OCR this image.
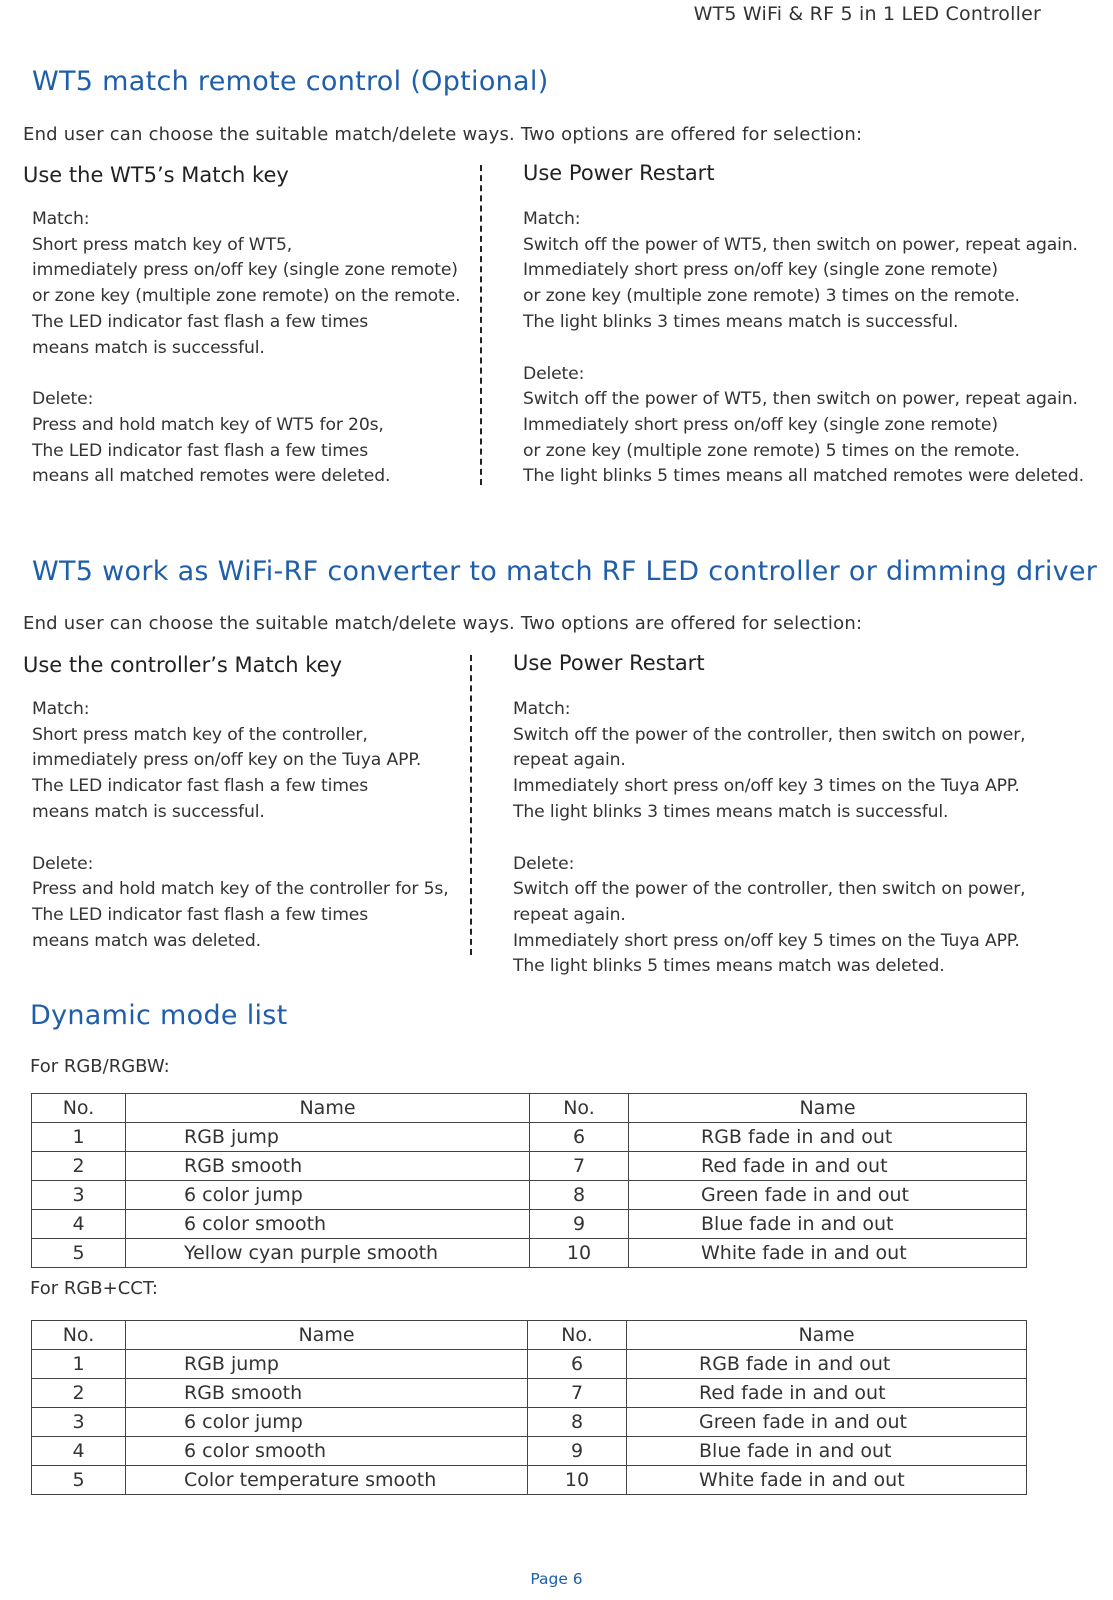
WT5 WiFi & RF 5 in 1 LED Controller
WT5 match remote control (Optional)
End user can choose the suitable match/delete ways. Two options are offered for selection:
Use the WT5’s Match key
Match:
Short press match key of WT5,
immediately press on/off key (single zone remote)
or zone key (multiple zone remote) on the remote.
The LED indicator fast flash a few times
means match is successful.
Delete:
Press and hold match key of WT5 for 20s,
The LED indicator fast flash a few times
means all matched remotes were deleted.
Use Power Restart
Match:
Switch off the power of WT5, then switch on power, repeat again.
Immediately short press on/off key (single zone remote)
or zone key (multiple zone remote) 3 times on the remote.
The light blinks 3 times means match is successful.
Delete:
Switch off the power of WT5, then switch on power, repeat again.
Immediately short press on/off key (single zone remote)
or zone key (multiple zone remote) 5 times on the remote.
The light blinks 5 times means all matched remotes were deleted.
WT5 work as WiFi-RF converter to match RF LED controller or dimming driver
End user can choose the suitable match/delete ways. Two options are offered for selection:
Use the controller’s Match key
Match:
Short press match key of the controller,
immediately press on/off key on the Tuya APP.
The LED indicator fast flash a few times
means match is successful.
Delete:
Press and hold match key of the controller for 5s,
The LED indicator fast flash a few times
means match was deleted.
Use Power Restart
Match:
Switch off the power of the controller, then switch on power,
repeat again.
Immediately short press on/off key 3 times on the Tuya APP.
The light blinks 3 times means match is successful.
Delete:
Switch off the power of the controller, then switch on power,
repeat again.
Immediately short press on/off key 5 times on the Tuya APP.
The light blinks 5 times means match was deleted.
Dynamic mode list
For RGB/RGBW:
No.	Name	No.	Name
1	RGB jump	6	RGB fade in and out
2	RGB smooth	7	Red fade in and out
3	6 color jump	8	Green fade in and out
4	6 color smooth	9	Blue fade in and out
5	Yellow cyan purple smooth	10	White fade in and out
For RGB+CCT:
No.	Name	No.	Name
1	RGB jump	6	RGB fade in and out
2	RGB smooth	7	Red fade in and out
3	6 color jump	8	Green fade in and out
4	6 color smooth	9	Blue fade in and out
5	Color temperature smooth	10	White fade in and out
Page 6
